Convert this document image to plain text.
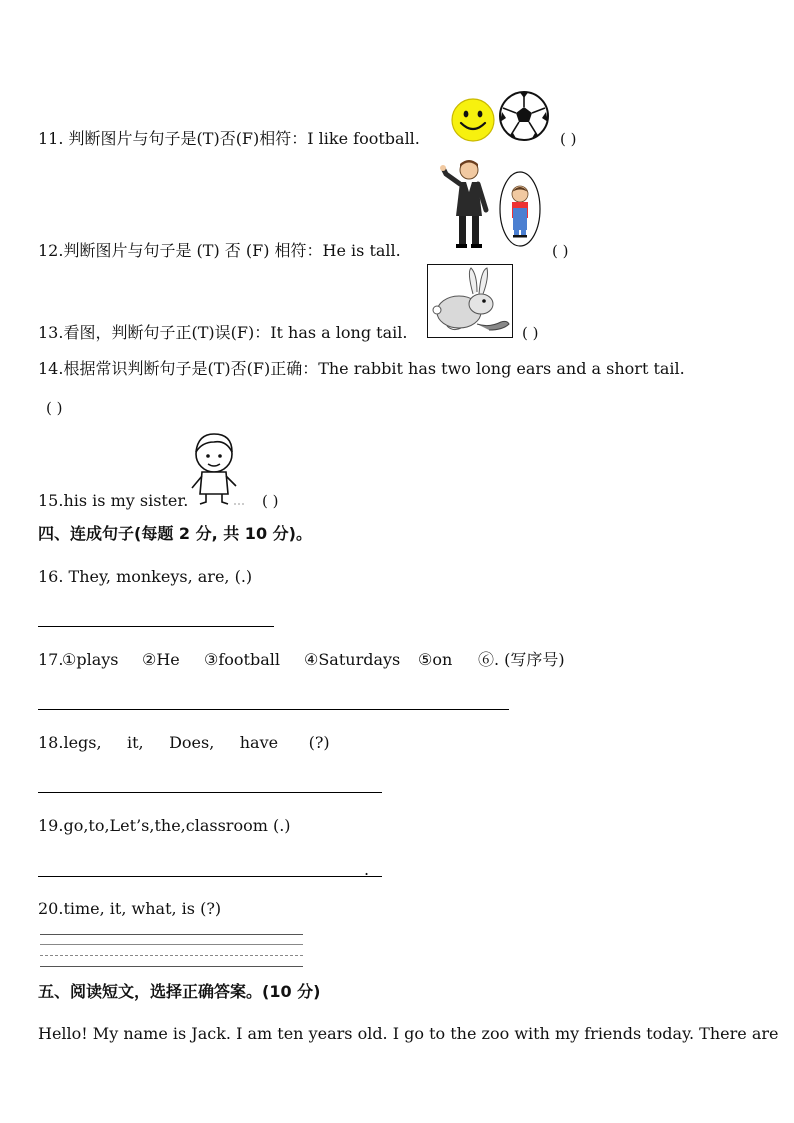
11. 判断图片与句子是(T)否(F)相符：I like football.	( )
12.判断图片与句子是 (T) 否 (F) 相符：He is tall.	( )
13.看图，判断句子正(T)误(F)：It has a long tail.	( )
14.根据常识判断句子是(T)否(F)正确：The rabbit has two long ears and a short tail.
( )
15.his is my sister.	( )
四、连成句子(每题 2 分, 共 10 分)。
16. They, monkeys, are, (.)
17.
①plays ②He ③football ④Saturdays ⑤on ⑥. (写序号)
18.legs,     it,     Does,     have      (?)
19.go,to,Let’s,the,classroom (.)
.
20.time, it, what, is (?)
五、阅读短文，选择正确答案。(10 分)
Hello! My name is Jack. I am ten years old. I go to the zoo with my friends today. There are
